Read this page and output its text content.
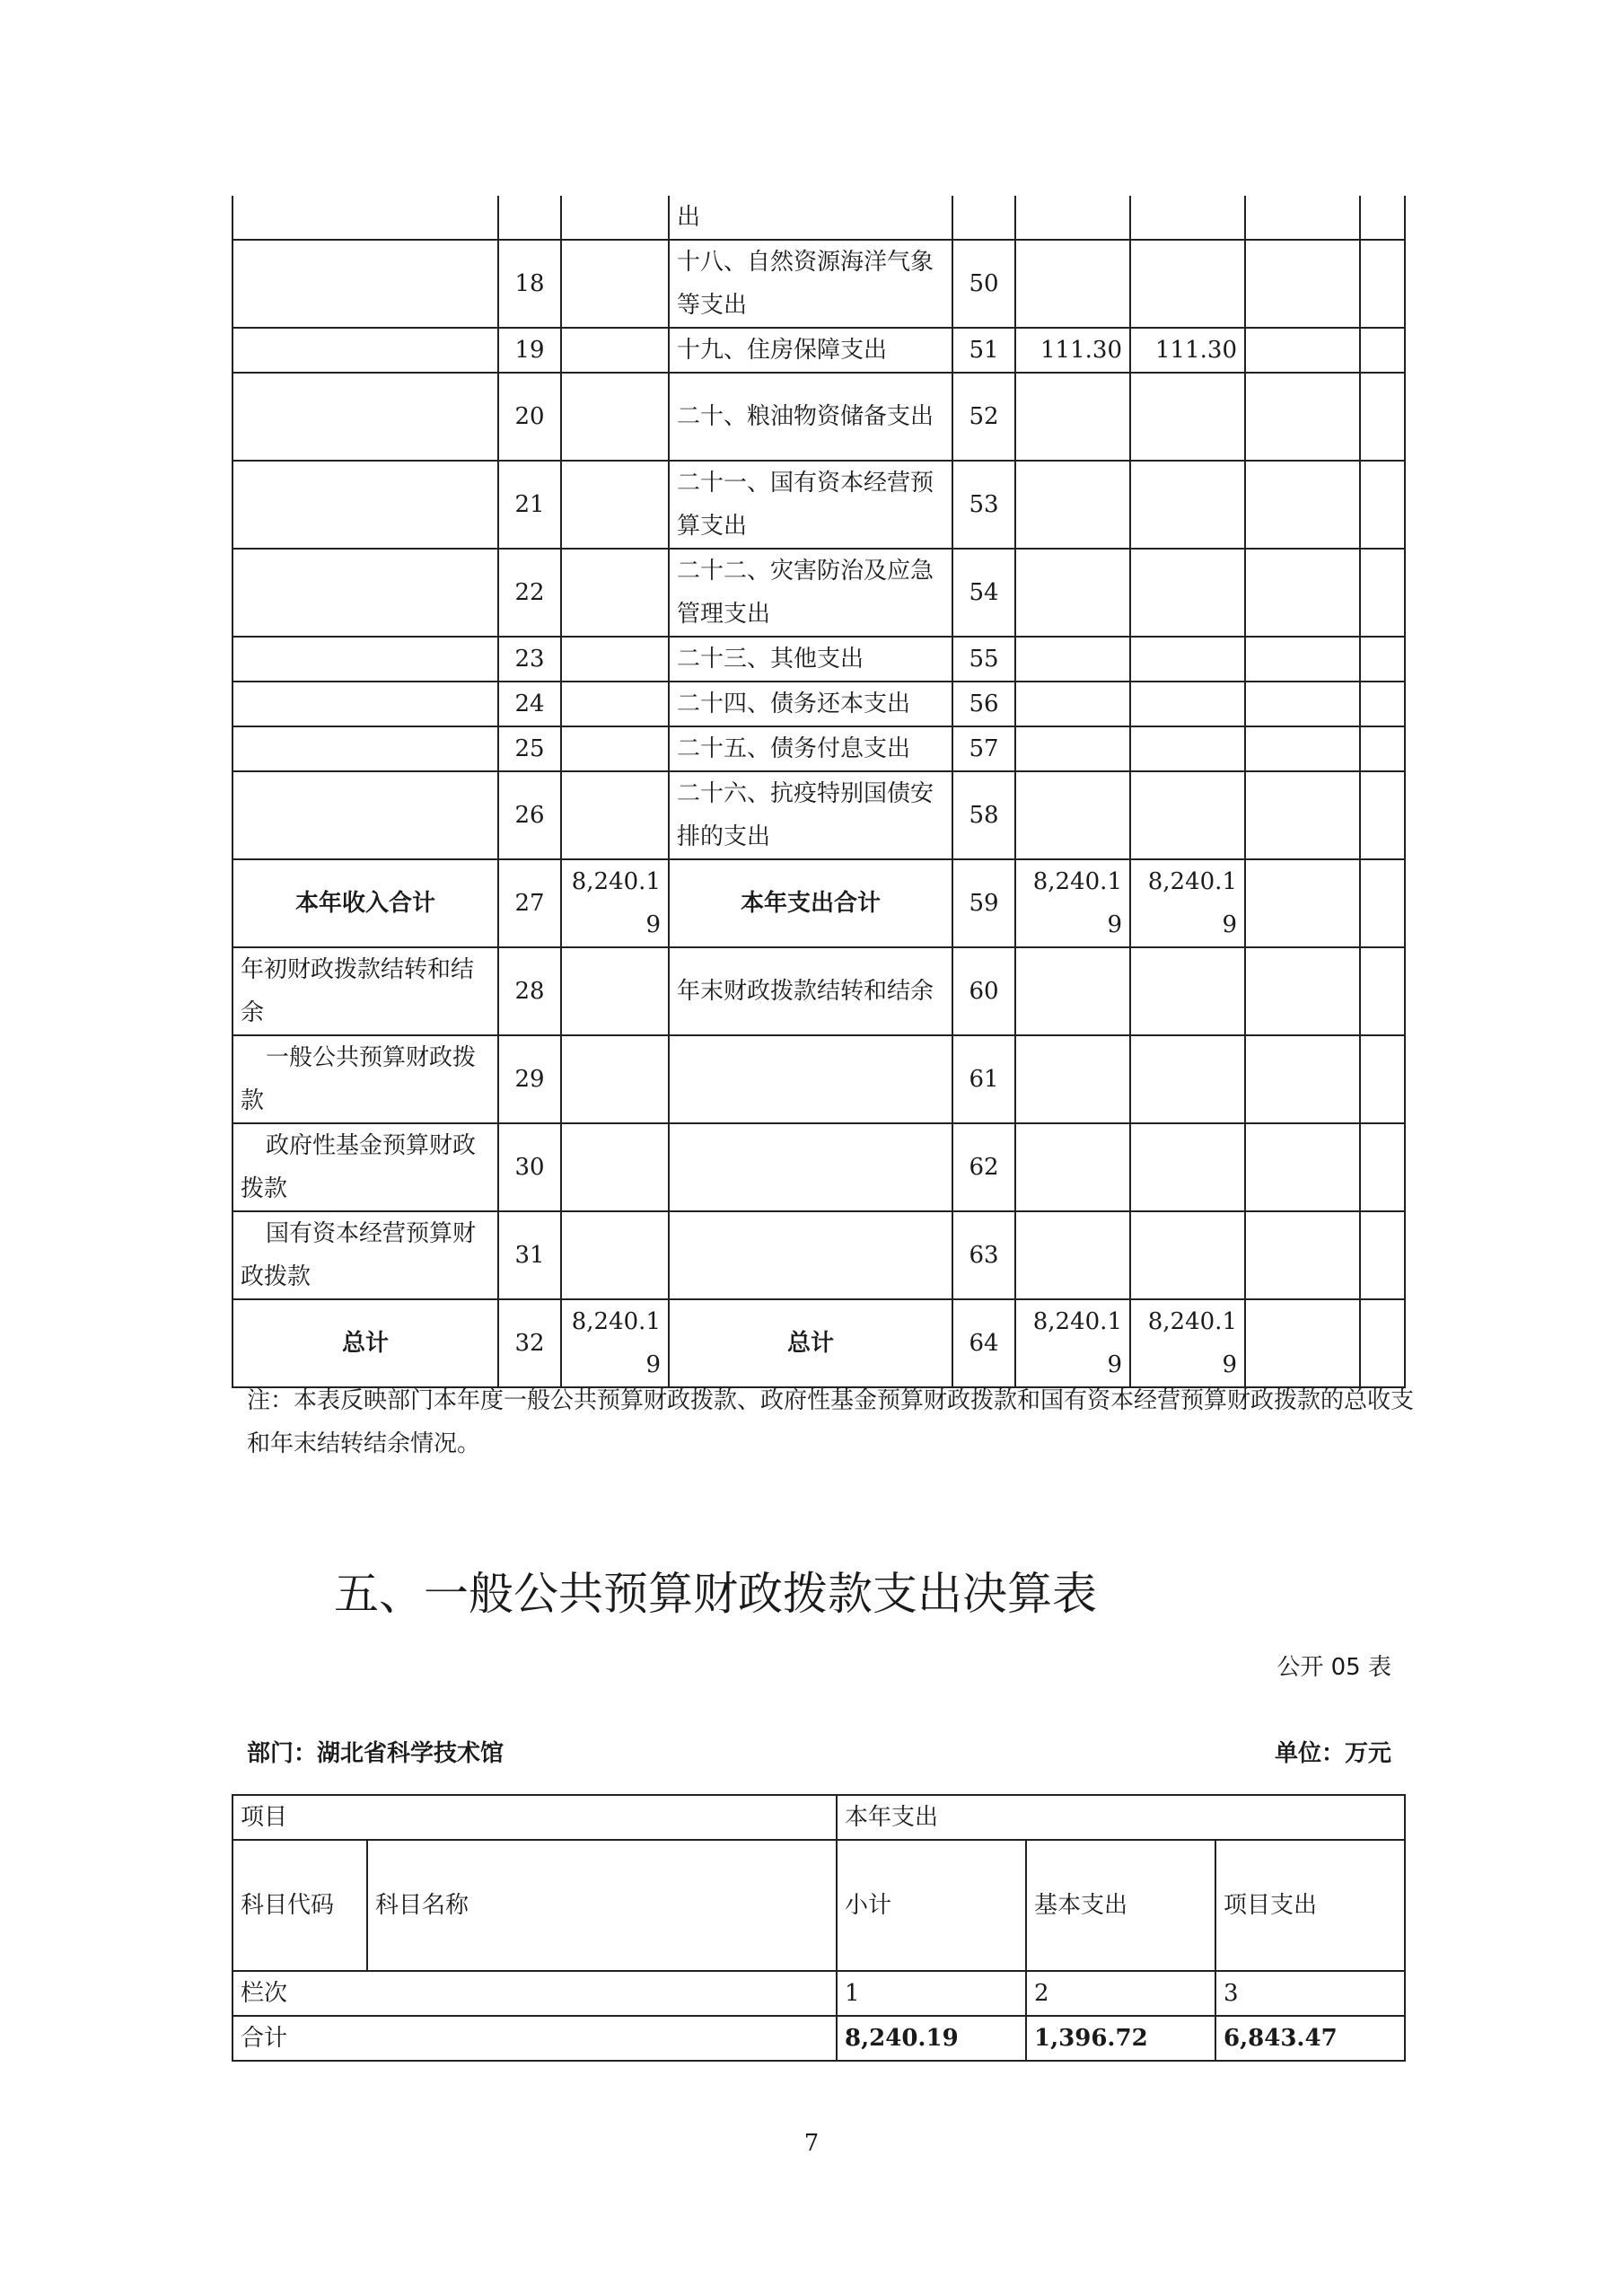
			出					
	18		十八、自然资源海洋气象等支出	50				
	19		十九、住房保障支出	51	111.30	111.30		
	20		二十、粮油物资储备支出	52				
	21		二十一、国有资本经营预算支出	53				
	22		二十二、灾害防治及应急管理支出	54				
	23		二十三、其他支出	55				
	24		二十四、债务还本支出	56				
	25		二十五、债务付息支出	57				
	26		二十六、抗疫特别国债安排的支出	58				
本年收入合计	27	8,240.19	本年支出合计	59	8,240.19	8,240.19		
年初财政拨款结转和结余	28		年末财政拨款结转和结余	60				
一般公共预算财政拨款	29			61				
政府性基金预算财政拨款	30			62				
国有资本经营预算财政拨款	31			63				
总计	32	8,240.19	总计	64	8,240.19	8,240.19		
注：本表反映部门本年度一般公共预算财政拨款、政府性基金预算财政拨款和国有资本经营预算财政拨款的总收支和年末结转结余情况。
五、一般公共预算财政拨款支出决算表
公开 05 表
部门：湖北省科学技术馆	单位：万元
项目		本年支出		
科目代码	科目名称	小计	基本支出	项目支出
栏次		1	2	3
合计		8,240.19	1,396.72	6,843.47
7
